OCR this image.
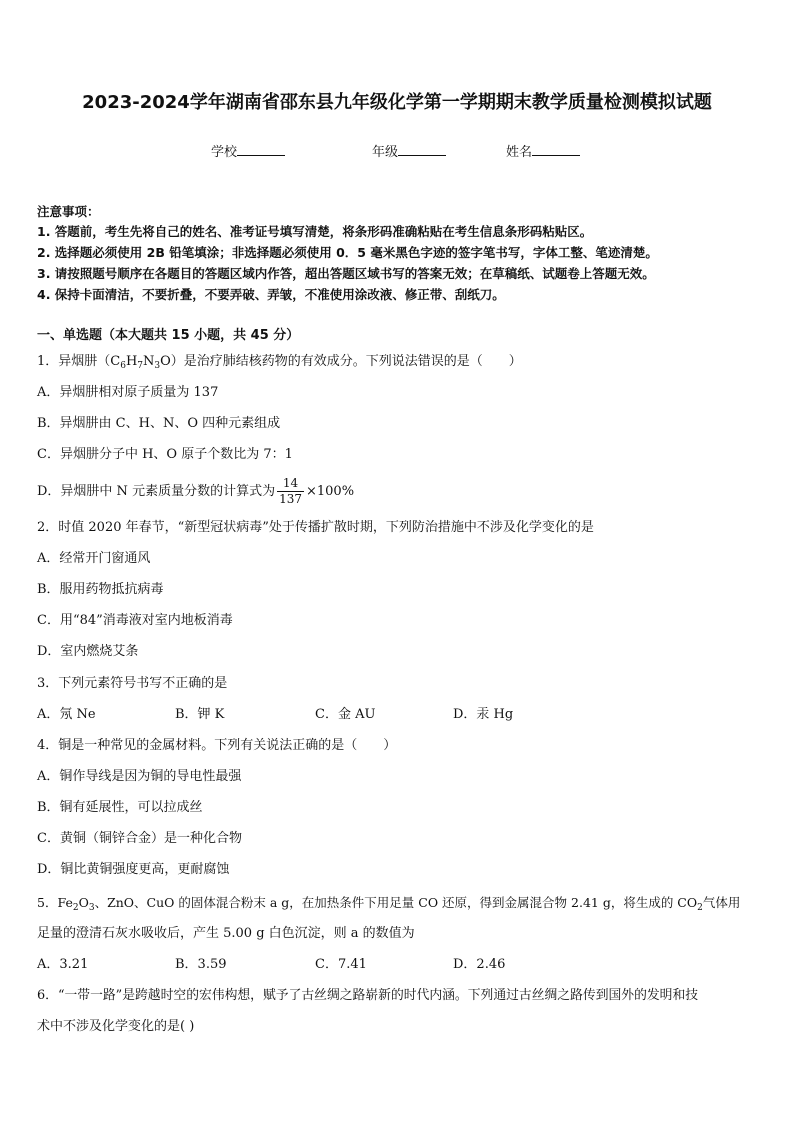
2023-2024学年湖南省邵东县九年级化学第一学期期末教学质量检测模拟试题
学校	年级	姓名
注意事项：
1. 答题前，考生先将自己的姓名、准考证号填写清楚，将条形码准确粘贴在考生信息条形码粘贴区。
2. 选择题必须使用 2B 铅笔填涂；非选择题必须使用 0．5 毫米黑色字迹的签字笔书写，字体工整、笔迹清楚。
3. 请按照题号顺序在各题目的答题区域内作答，超出答题区域书写的答案无效；在草稿纸、试题卷上答题无效。
4. 保持卡面清洁，不要折叠，不要弄破、弄皱，不准使用涂改液、修正带、刮纸刀。
一、单选题（本大题共 15 小题，共 45 分）
1．异烟肼$(C_6H_7N_3O)$是治疗肺结核药物的有效成分。下列说法错误的是（　　）
A．异烟肼相对原子质量为 137
B．异烟肼由 C、H、N、O 四种元素组成
C．异烟肼分子中 H、O 原子个数比为 7：1
D．异烟肼中 N 元素质量分数的计算式为 $\frac{14}{137} \times 100\%$
2．时值 2020 年春节，“新型冠状病毒”处于传播扩散时期，下列防治措施中不涉及化学变化的是
A．经常开门窗通风
B．服用药物抵抗病毒
C．用“84”消毒液对室内地板消毒
D．室内燃烧艾条
3．下列元素符号书写不正确的是
A．氖 Ne	B．钾 K	C．金 AU	D．汞 Hg
4．铜是一种常见的金属材料。下列有关说法正确的是（　　）
A．铜作导线是因为铜的导电性最强
B．铜有延展性，可以拉成丝
C．黄铜（铜锌合金）是一种化合物
D．铜比黄铜强度更高，更耐腐蚀
5．$Fe_2O_3$、ZnO、CuO 的固体混合粉末 a g，在加热条件下用足量 CO 还原，得到金属混合物 2.41 g，将生成的 $CO_2$气体用
足量的澄清石灰水吸收后，产生 5.00 g 白色沉淀，则 a 的数值为
A．3.21	B．3.59	C．7.41	D．2.46
6．“一带一路”是跨越时空的宏伟构想，赋予了古丝绸之路崭新的时代内涵。下列通过古丝绸之路传到国外的发明和技
术中不涉及化学变化的是( )
